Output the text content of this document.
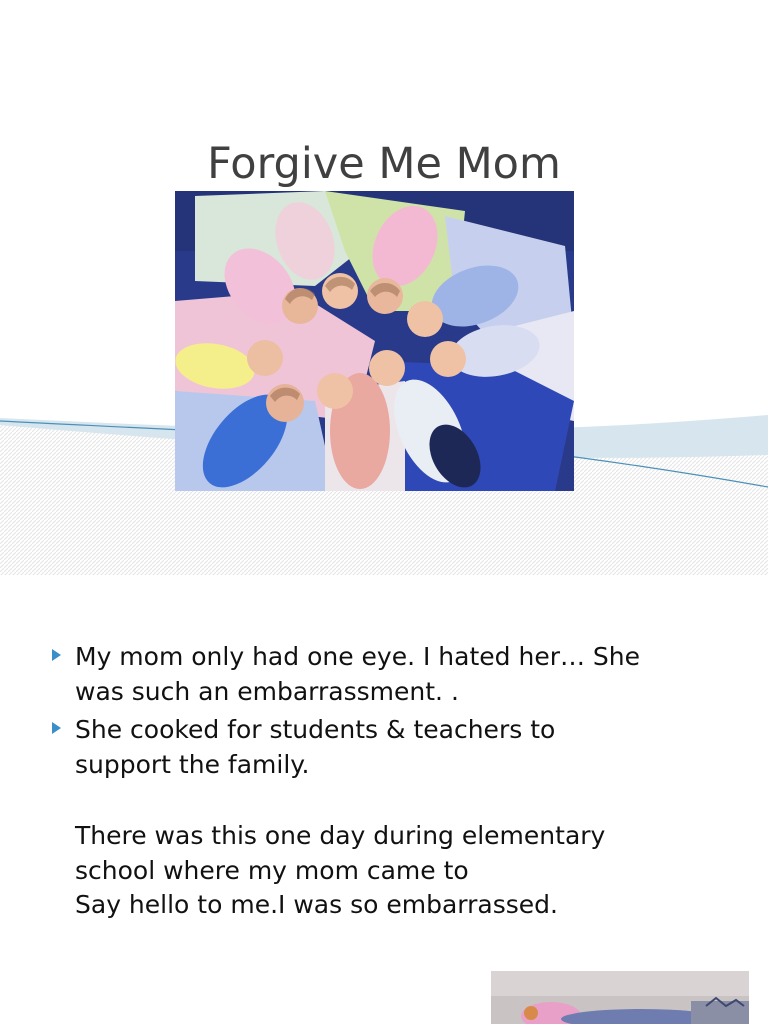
Forgive Me Mom
My mom only had one eye. I hated her… She
was such an embarrassment. .
She cooked for students & teachers to
support the family.
There was this one day during elementary
school where my mom came to
Say hello to me.I was so embarrassed.
